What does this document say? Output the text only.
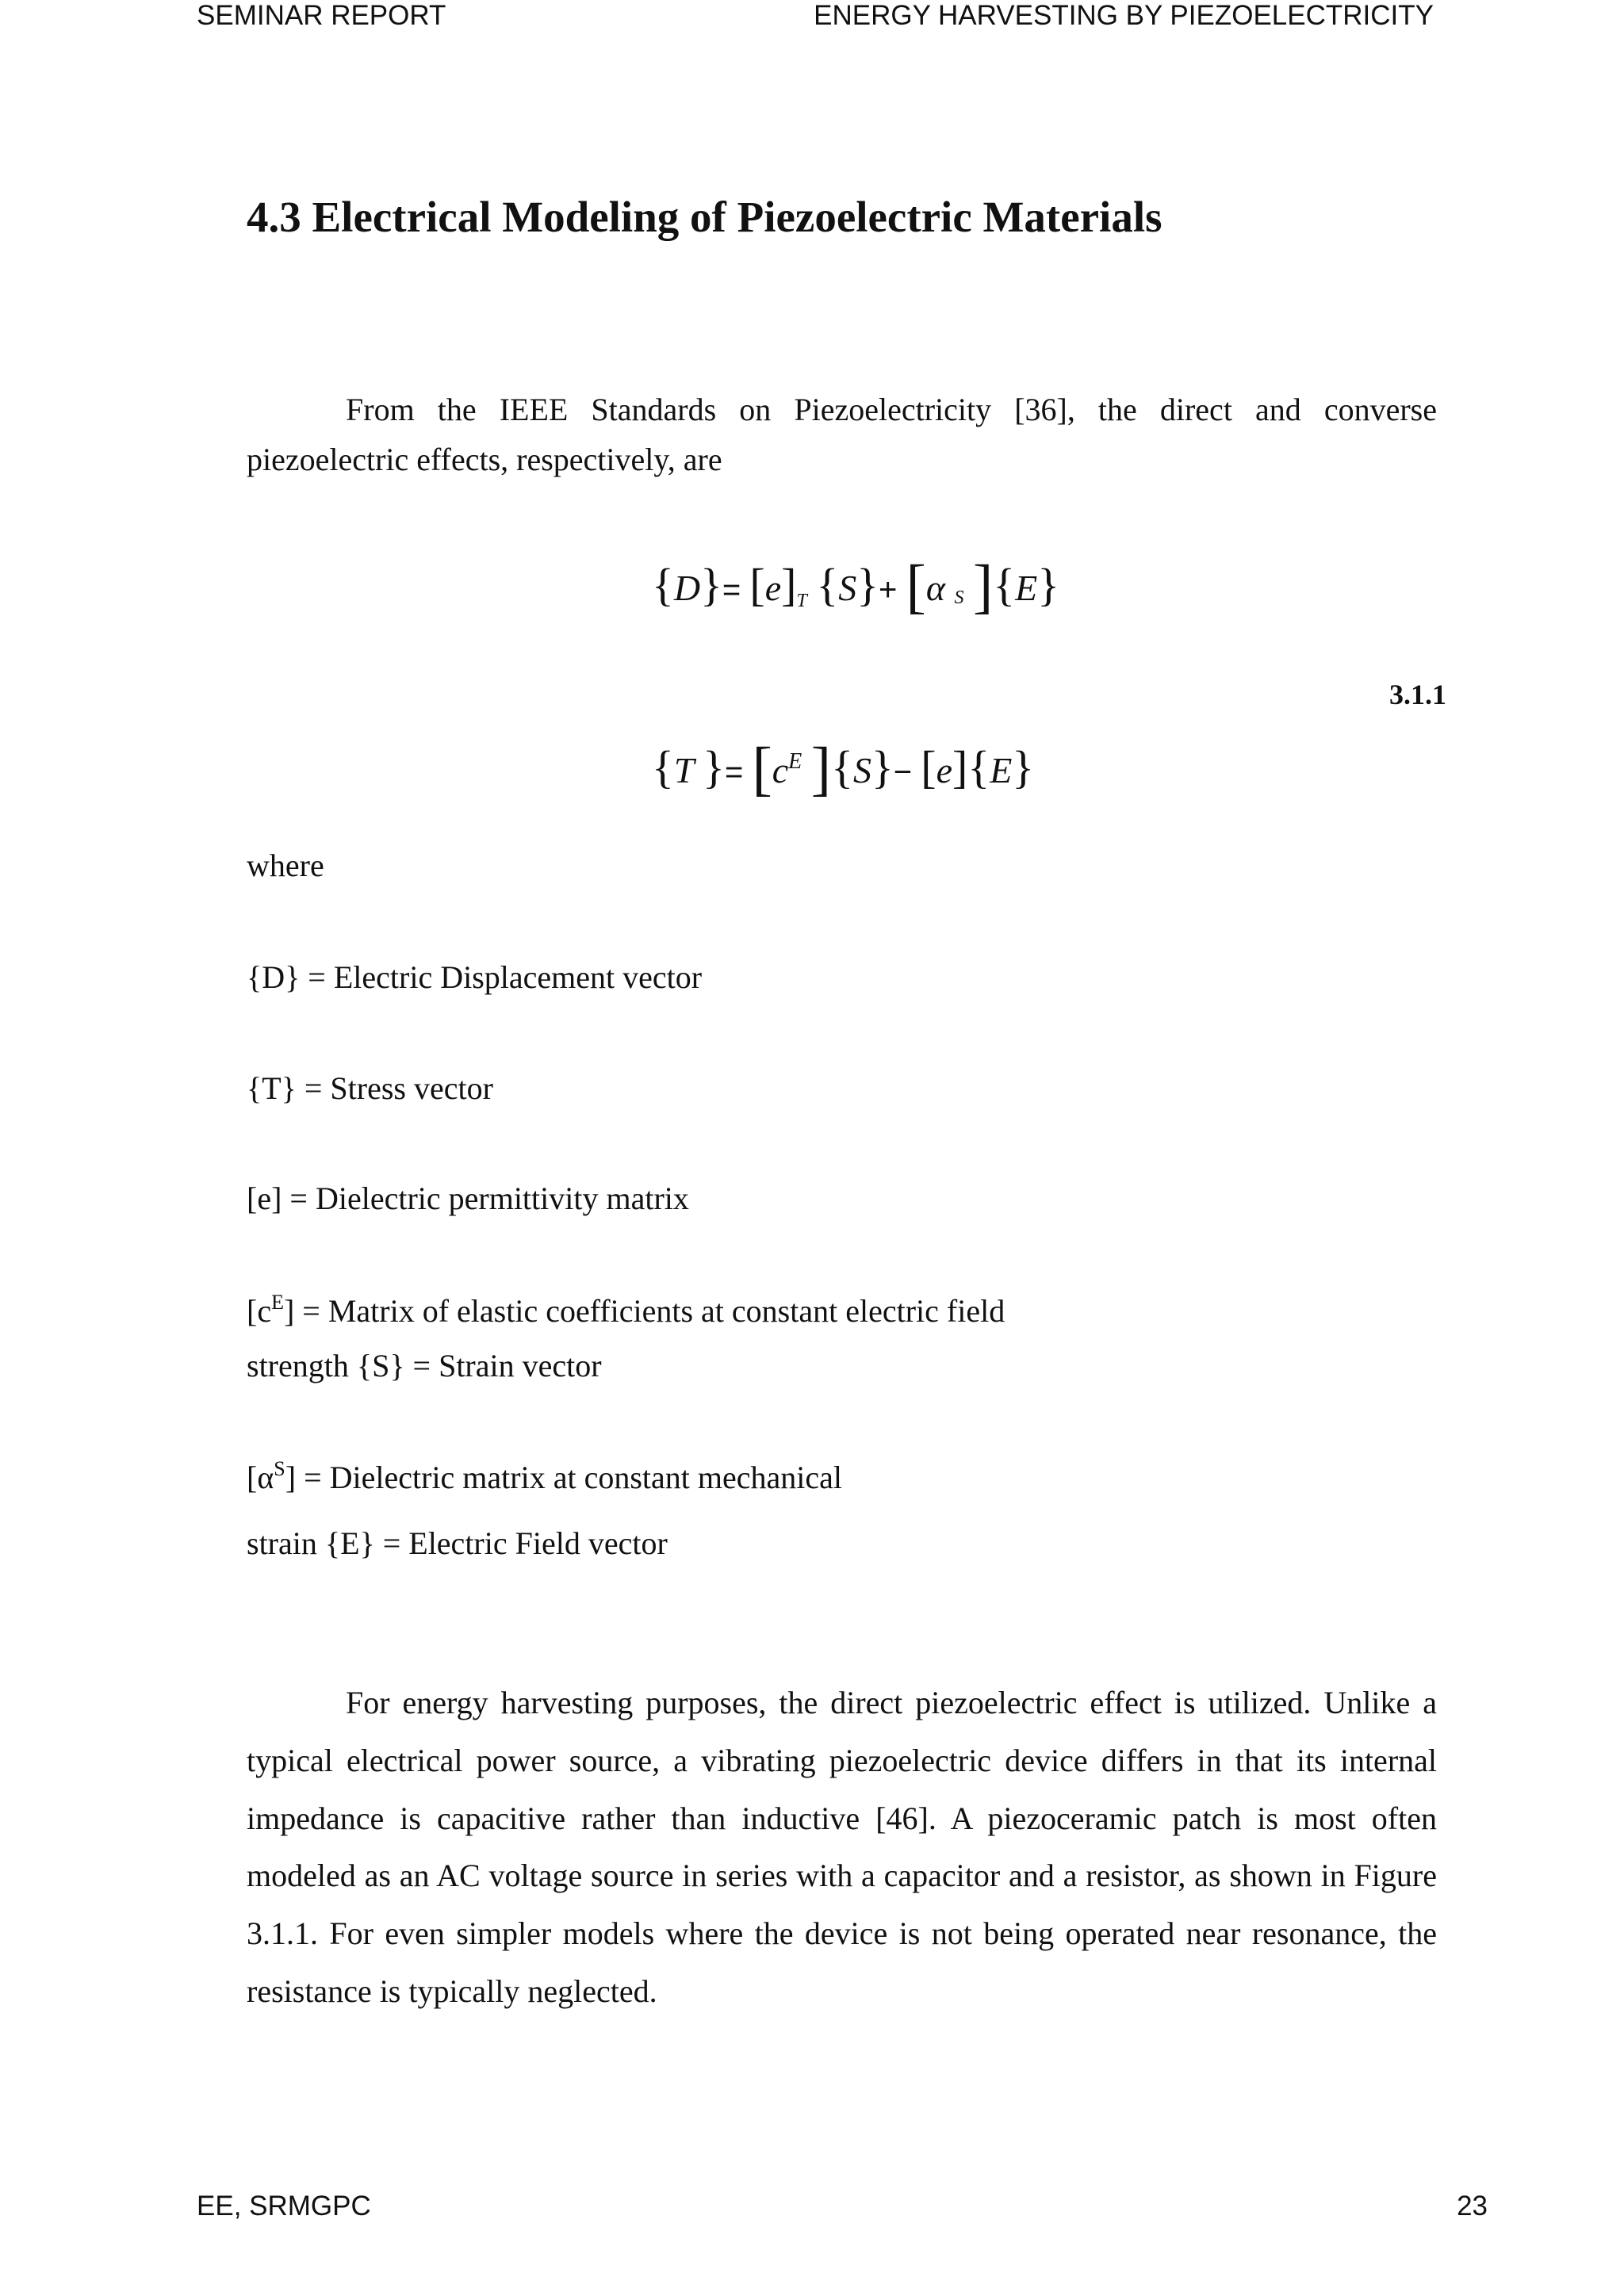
SEMINAR REPORT	ENERGY HARVESTING BY PIEZOELECTRICITY
4.3 Electrical Modeling of Piezoelectric Materials

From the IEEE Standards on Piezoelectricity [36], the direct and converse piezoelectric effects, respectively, are

$\{D\}= [e]_T$ {S}+ [α S ]{E}
3.1.1
{T }= [$c^E$ ]{S}− [e]{E}
where
{D} = Electric Displacement vector
{T} = Stress vector
[e] = Dielectric permittivity matrix
$[c^E]$ = Matrix of elastic coefficients at constant electric field
strength {S} = Strain vector
$[\alpha^S]$ = Dielectric matrix at constant mechanical
strain {E} = Electric Field vector

For energy harvesting purposes, the direct piezoelectric effect is utilized. Unlike a typical electrical power source, a vibrating piezoelectric device differs in that its internal impedance is capacitive rather than inductive [46]. A piezoceramic patch is most often modeled as an AC voltage source in series with a capacitor and a resistor, as shown in Figure 3.1.1. For even simpler models where the device is not being operated near resonance, the resistance is typically neglected.

EE, SRMGPC	23
